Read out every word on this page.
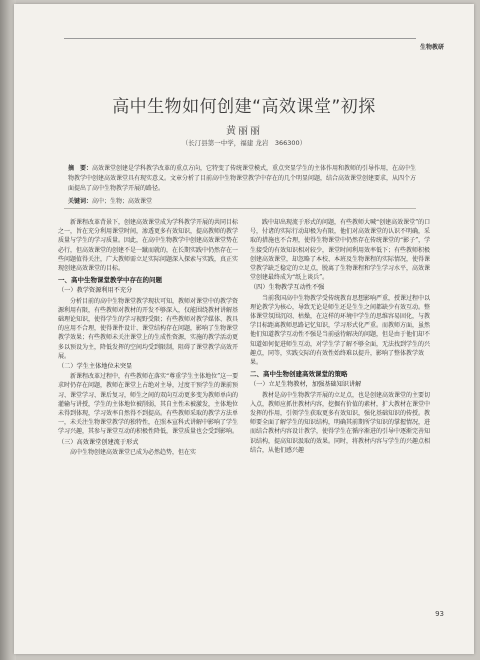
生物教研
高中生物如何创建“高效课堂”初探
黄丽丽
（长汀县第一中学，福建 龙岩　366300）
摘　要：高效课堂创建是学科教学改革的重点方向，它特变了传统课堂模式，重点突显学生的主体作用和教师的引导作用，在高中生物教学中创建高效课堂具有现实意义。文章分析了目前高中生物课堂教学中存在的几个明显问题，结合高效课堂创建要求，从四个方面提出了高中生物教学开展的路径。
关键词：高中；生物；高效课堂

新课程改革背景下，创建高效课堂成为学科教学开展的共同目标之一，旨在充分利用课堂时间，渗透更多有效知识，提高教师的教学质量与学生的学习质量。因此，在高中生物教学中创建高效课堂势在必行，但高效课堂的创建不是一蹴而就的，在长期实践中仍然存在一些问题值得关注，广大教师需立足实际问题深入探索与实践，真正实现创建高效课堂的目标。

一、高中生物课堂教学中存在的问题

（一）教学资源利用不充分

分析目前的高中生物课堂教学现状可知，教师对课堂中的教学资源利用有限，有些教师对教材的开发不够深入，仅能围绕教材讲解基础理论知识，使得学生的学习视野受限；有些教师对教学媒体、教具的应用不合理，使得课件设计、课堂结构存在问题，影响了生物课堂教学效果；有些教师未关注课堂上的生成性资源，实施的教学活动更多以预设为主，降低发挥的空间均受到限制，阻碍了课堂教学高效开展。

（二）学生主体地位未突显

新课程改革过程中，有些教师在落实“尊重学生主体地位”这一要求时仍存在问题，教师在课堂上占绝对主导，过度干预学生的课前预习、课堂学习、课后复习，师生之间的双向互动更多变为教师单向的灌输与讲授，学生的主体地位被削弱，其自主性未被激发，主体地位未得到体现，学习效率自然得不到提高。有些教师采取的教学方法单一，未关注生物课堂教学的独特性，在照本宣科式讲解中影响了学生学习兴趣，其参与课堂互动的积极性降低，课堂质量也会受到影响。

（三）高效课堂创建流于形式

高中生物创建高效课堂已成为必然趋势，但在实

践中却出现流于形式的问题，有些教师大喊“创建高效课堂”的口号，付诸的实际行动却极为有限，他们对高效课堂的认识不明确，采取的措施也不合理，使得生物课堂中仍然存在传统课堂的“影子”，学生接受的有效知识相对较少，课堂时间利用效率低下；有些教师积极创建高效课堂，却忽略了本校、本班及生物课程的实际情况，使得课堂教学缺乏稳定的立足点，脱离了生物课程和学生学习水平，高效课堂创建最终成为“纸上谈兵”。

（四）生物教学互动性不强

当前我国高中生物教学受传统教育思想影响严重，授课过程中以理论教学为核心，导致无论是师生还是生生之间都缺少有效互动。整体课堂氛围沉闷、枯燥，在这样的环境中学生的思维容易固化，与教学目标距离教师思路记忆知识，学习形式化严重。而教师方面，虽然他们知道教学互动性不强是当前亟待解决的问题，但是由于他们却不知道如何促进师生互动，对学生学了解不够全面，无法找到学生的兴趣点，同等，实践交际的有效性始终难以提升，影响了整体教学效果。

二、高中生物创建高效课堂的策略

（一）立足生物教材，加强基础知识讲解

教材是高中生物教学开展的立足点，也是创建高效课堂的主要切入点，教师应抓住教材内容，挖掘有价值的素材，扩大教材在课堂中发挥的作用，引领学生获取更多有效知识，强化基础知识的传授。教师要全面了解学生的知识结构，明确其前期所学知识的掌握情况，进而结合教材内容设计教学，使得学生在循序渐进的引导中逐渐完善知识结构，提高知识汲取的效果。同时，将教材内容与学生的兴趣点相结合，从他们感兴趣

93
